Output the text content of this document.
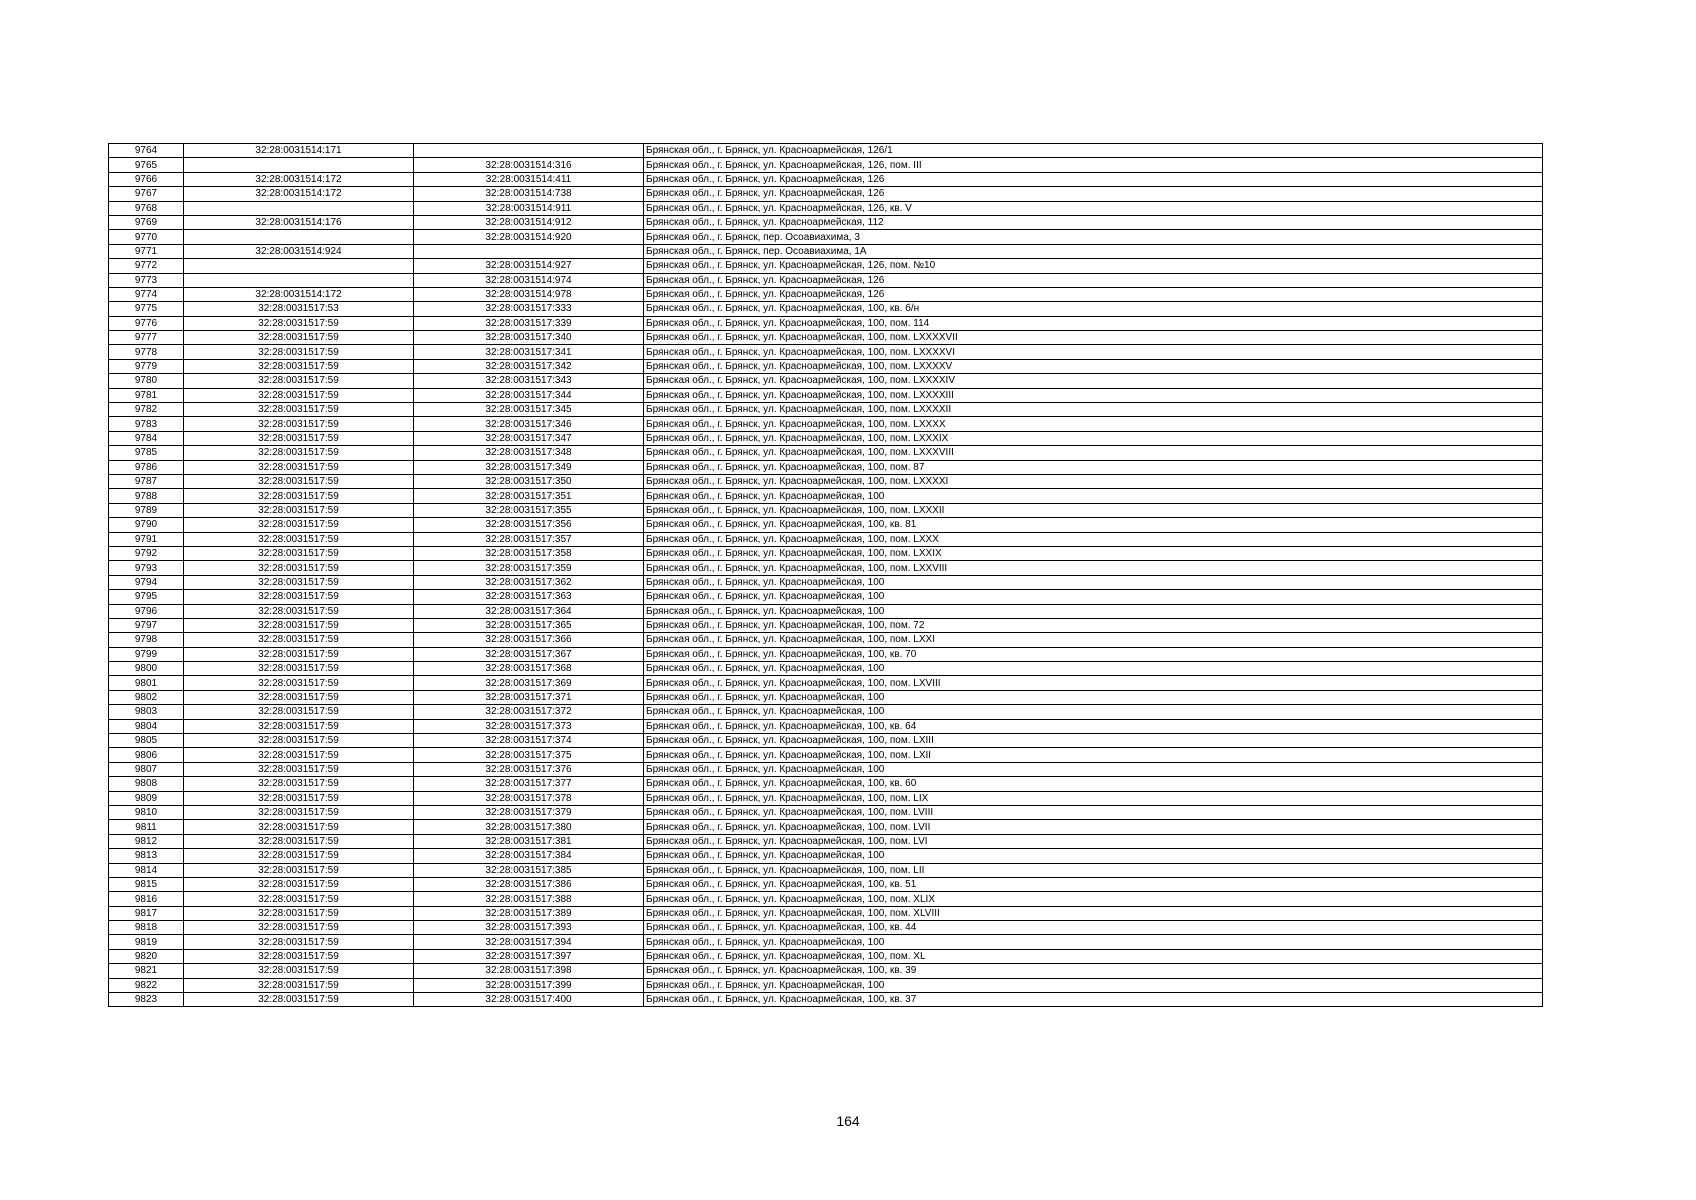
9764	32:28:0031514:171		Брянская обл., г. Брянск, ул. Красноармейская, 126/1
9765		32:28:0031514:316	Брянская обл., г. Брянск, ул. Красноармейская, 126, пом. III
9766	32:28:0031514:172	32:28:0031514:411	Брянская обл., г. Брянск, ул. Красноармейская, 126
9767	32:28:0031514:172	32:28:0031514:738	Брянская обл., г. Брянск, ул. Красноармейская, 126
9768		32:28:0031514:911	Брянская обл., г. Брянск, ул. Красноармейская, 126, кв. V
9769	32:28:0031514:176	32:28:0031514:912	Брянская обл., г. Брянск, ул. Красноармейская, 112
9770		32:28:0031514:920	Брянская обл., г. Брянск, пер. Осоавиахима, 3
9771	32:28:0031514:924		Брянская обл., г. Брянск, пер. Осоавиахима, 1А
9772		32:28:0031514:927	Брянская обл., г. Брянск, ул. Красноармейская, 126, пом. №10
9773		32:28:0031514:974	Брянская обл., г. Брянск, ул. Красноармейская, 126
9774	32:28:0031514:172	32:28:0031514:978	Брянская обл., г. Брянск, ул. Красноармейская, 126
9775	32:28:0031517:53	32:28:0031517:333	Брянская обл., г. Брянск, ул. Красноармейская, 100, кв. б/н
9776	32:28:0031517:59	32:28:0031517:339	Брянская обл., г. Брянск, ул. Красноармейская, 100, пом. 114
9777	32:28:0031517:59	32:28:0031517:340	Брянская обл., г. Брянск, ул. Красноармейская, 100, пом. LXXXXVII
9778	32:28:0031517:59	32:28:0031517:341	Брянская обл., г. Брянск, ул. Красноармейская, 100, пом. LXXXXVI
9779	32:28:0031517:59	32:28:0031517:342	Брянская обл., г. Брянск, ул. Красноармейская, 100, пом. LXXXXV
9780	32:28:0031517:59	32:28:0031517:343	Брянская обл., г. Брянск, ул. Красноармейская, 100, пом. LXXXXIV
9781	32:28:0031517:59	32:28:0031517:344	Брянская обл., г. Брянск, ул. Красноармейская, 100, пом. LXXXXIII
9782	32:28:0031517:59	32:28:0031517:345	Брянская обл., г. Брянск, ул. Красноармейская, 100, пом. LXXXXII
9783	32:28:0031517:59	32:28:0031517:346	Брянская обл., г. Брянск, ул. Красноармейская, 100, пом. LXXXX
9784	32:28:0031517:59	32:28:0031517:347	Брянская обл., г. Брянск, ул. Красноармейская, 100, пом. LXXXIX
9785	32:28:0031517:59	32:28:0031517:348	Брянская обл., г. Брянск, ул. Красноармейская, 100, пом. LXXXVIII
9786	32:28:0031517:59	32:28:0031517:349	Брянская обл., г. Брянск, ул. Красноармейская, 100, пом. 87
9787	32:28:0031517:59	32:28:0031517:350	Брянская обл., г. Брянск, ул. Красноармейская, 100, пом. LXXXXI
9788	32:28:0031517:59	32:28:0031517:351	Брянская обл., г. Брянск, ул. Красноармейская, 100
9789	32:28:0031517:59	32:28:0031517:355	Брянская обл., г. Брянск, ул. Красноармейская, 100, пом. LXXXII
9790	32:28:0031517:59	32:28:0031517:356	Брянская обл., г. Брянск, ул. Красноармейская, 100, кв. 81
9791	32:28:0031517:59	32:28:0031517:357	Брянская обл., г. Брянск, ул. Красноармейская, 100, пом. LXXX
9792	32:28:0031517:59	32:28:0031517:358	Брянская обл., г. Брянск, ул. Красноармейская, 100, пом. LXXIX
9793	32:28:0031517:59	32:28:0031517:359	Брянская обл., г. Брянск, ул. Красноармейская, 100, пом. LXXVIII
9794	32:28:0031517:59	32:28:0031517:362	Брянская обл., г. Брянск, ул. Красноармейская, 100
9795	32:28:0031517:59	32:28:0031517:363	Брянская обл., г. Брянск, ул. Красноармейская, 100
9796	32:28:0031517:59	32:28:0031517:364	Брянская обл., г. Брянск, ул. Красноармейская, 100
9797	32:28:0031517:59	32:28:0031517:365	Брянская обл., г. Брянск, ул. Красноармейская, 100, пом. 72
9798	32:28:0031517:59	32:28:0031517:366	Брянская обл., г. Брянск, ул. Красноармейская, 100, пом. LXXI
9799	32:28:0031517:59	32:28:0031517:367	Брянская обл., г. Брянск, ул. Красноармейская, 100, кв. 70
9800	32:28:0031517:59	32:28:0031517:368	Брянская обл., г. Брянск, ул. Красноармейская, 100
9801	32:28:0031517:59	32:28:0031517:369	Брянская обл., г. Брянск, ул. Красноармейская, 100, пом. LXVIII
9802	32:28:0031517:59	32:28:0031517:371	Брянская обл., г. Брянск, ул. Красноармейская, 100
9803	32:28:0031517:59	32:28:0031517:372	Брянская обл., г. Брянск, ул. Красноармейская, 100
9804	32:28:0031517:59	32:28:0031517:373	Брянская обл., г. Брянск, ул. Красноармейская, 100, кв. 64
9805	32:28:0031517:59	32:28:0031517:374	Брянская обл., г. Брянск, ул. Красноармейская, 100, пом. LXIII
9806	32:28:0031517:59	32:28:0031517:375	Брянская обл., г. Брянск, ул. Красноармейская, 100, пом. LXII
9807	32:28:0031517:59	32:28:0031517:376	Брянская обл., г. Брянск, ул. Красноармейская, 100
9808	32:28:0031517:59	32:28:0031517:377	Брянская обл., г. Брянск, ул. Красноармейская, 100, кв. 60
9809	32:28:0031517:59	32:28:0031517:378	Брянская обл., г. Брянск, ул. Красноармейская, 100, пом. LIX
9810	32:28:0031517:59	32:28:0031517:379	Брянская обл., г. Брянск, ул. Красноармейская, 100, пом. LVIII
9811	32:28:0031517:59	32:28:0031517:380	Брянская обл., г. Брянск, ул. Красноармейская, 100, пом. LVII
9812	32:28:0031517:59	32:28:0031517:381	Брянская обл., г. Брянск, ул. Красноармейская, 100, пом. LVI
9813	32:28:0031517:59	32:28:0031517:384	Брянская обл., г. Брянск, ул. Красноармейская, 100
9814	32:28:0031517:59	32:28:0031517:385	Брянская обл., г. Брянск, ул. Красноармейская, 100, пом. LII
9815	32:28:0031517:59	32:28:0031517:386	Брянская обл., г. Брянск, ул. Красноармейская, 100, кв. 51
9816	32:28:0031517:59	32:28:0031517:388	Брянская обл., г. Брянск, ул. Красноармейская, 100, пом. XLIX
9817	32:28:0031517:59	32:28:0031517:389	Брянская обл., г. Брянск, ул. Красноармейская, 100, пом. XLVIII
9818	32:28:0031517:59	32:28:0031517:393	Брянская обл., г. Брянск, ул. Красноармейская, 100, кв. 44
9819	32:28:0031517:59	32:28:0031517:394	Брянская обл., г. Брянск, ул. Красноармейская, 100
9820	32:28:0031517:59	32:28:0031517:397	Брянская обл., г. Брянск, ул. Красноармейская, 100, пом. XL
9821	32:28:0031517:59	32:28:0031517:398	Брянская обл., г. Брянск, ул. Красноармейская, 100, кв. 39
9822	32:28:0031517:59	32:28:0031517:399	Брянская обл., г. Брянск, ул. Красноармейская, 100
9823	32:28:0031517:59	32:28:0031517:400	Брянская обл., г. Брянск, ул. Красноармейская, 100, кв. 37
164
